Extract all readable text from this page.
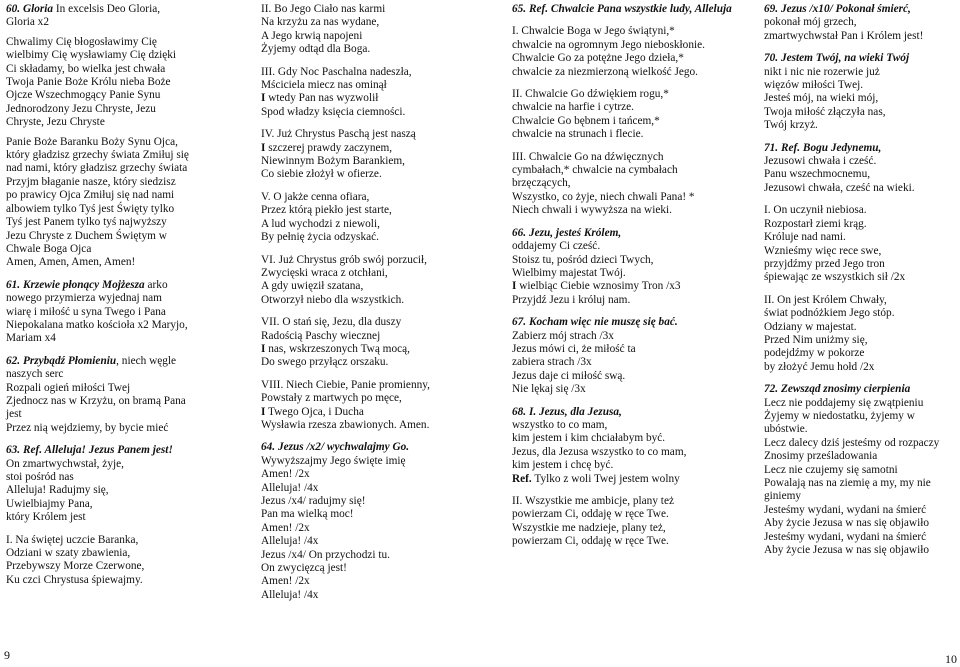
60. Gloria In excelsis Deo Gloria,
Gloria x2
Chwalimy Cię błogosławimy Cię
wielbimy Cię wysławiamy Cię dzięki
Ci składamy, bo wielka jest chwała
Twoja Panie Boże Królu nieba Boże
Ojcze Wszechmogący Panie Synu
Jednorodzony Jezu Chryste, Jezu
Chryste, Jezu Chryste
Panie Boże Baranku Boży Synu Ojca,
który gładzisz grzechy świata Zmiłuj się
nad nami, który gładzisz grzechy świata
Przyjm błaganie nasze, który siedzisz
po prawicy Ojca Zmiłuj się nad nami
albowiem tylko Tyś jest Święty tylko
Tyś jest Panem tylko tyś najwyższy
Jezu Chryste z Duchem Świętym w
Chwale Boga Ojca
Amen, Amen, Amen, Amen!

61. Krzewie płonący Mojżesza arko
nowego przymierza wyjednaj nam
wiarę i miłość u syna Twego i Pana
Niepokalana matko kościoła x2 Maryjo,
Mariam x4

62. Przybądź Płomieniu, niech węgle
naszych serc
Rozpali ogień miłości Twej
Zjednocz nas w Krzyżu, on bramą Pana
jest
Przez nią wejdziemy, by bycie mieć

63. Ref. Alleluja! Jezus Panem jest!
On zmartwychwstał, żyje,
stoi pośród nas
Alleluja! Radujmy się,
Uwielbiajmy Pana,
który Królem jest

I. Na świętej uczcie Baranka,
Odziani w szaty zbawienia,
Przebywszy Morze Czerwone,
Ku czci Chrystusa śpiewajmy.

II. Bo Jego Ciało nas karmi
Na krzyżu za nas wydane,
A Jego krwią napojeni
Żyjemy odtąd dla Boga.

III. Gdy Noc Paschalna nadeszła,
Mściciela miecz nas ominął
I wtedy Pan nas wyzwolił
Spod władzy księcia ciemności.

IV. Już Chrystus Paschą jest naszą
I szczerej prawdy zaczynem,
Niewinnym Bożym Barankiem,
Co siebie złożył w ofierze.

V. O jakże cenna ofiara,
Przez którą piekło jest starte,
A lud wychodzi z niewoli,
By pełnię życia odzyskać.

VI. Już Chrystus grób swój porzucił,
Zwycięski wraca z otchłani,
A gdy uwięził szatana,
Otworzył niebo dla wszystkich.

VII. O stań się, Jezu, dla duszy
Radością Paschy wiecznej
I nas, wskrzeszonych Twą mocą,
Do swego przyłącz orszaku.

VIII. Niech Ciebie, Panie promienny,
Powstały z martwych po męce,
I Twego Ojca, i Ducha
Wysławia rzesza zbawionych. Amen.

64. Jezus /x2/ wychwalajmy Go.
Wywyższajmy Jego święte imię
Amen! /2x
Alleluja! /4x
Jezus /x4/ radujmy się!
Pan ma wielką moc!
Amen! /2x
Alleluja! /4x
Jezus /x4/ On przychodzi tu.
On zwycięzcą jest!
Amen! /2x
Alleluja! /4x

65. Ref. Chwalcie Pana wszystkie ludy, Alleluja

I. Chwalcie Boga w Jego świątyni,*
chwalcie na ogromnym Jego nieboskłonie.
Chwalcie Go za potężne Jego dzieła,*
chwalcie za niezmierzoną wielkość Jego.

II. Chwalcie Go dźwiękiem rogu,*
chwalcie na harfie i cytrze.
Chwalcie Go bębnem i tańcem,*
chwalcie na strunach i flecie.

III. Chwalcie Go na dźwięcznych
cymbałach,* chwalcie na cymbałach
brzęczących,
Wszystko, co żyje, niech chwali Pana! *
Niech chwali i wywyższa na wieki.

66. Jezu, jesteś Królem,
oddajemy Ci cześć.
Stoisz tu, pośród dzieci Twych,
Wielbimy majestat Twój.
I wielbiąc Ciebie wznosimy Tron /x3
Przyjdź Jezu i króluj nam.

67. Kocham więc nie muszę się bać.
Zabierz mój strach /3x
Jezus mówi ci, że miłość ta
zabiera strach /3x
Jezus daje ci miłość swą.
Nie lękaj się /3x

68. I. Jezus, dla Jezusa,
wszystko to co mam,
kim jestem i kim chciałabym być.
Jezus, dla Jezusa wszystko to co mam,
kim jestem i chcę być.
Ref. Tylko z woli Twej jestem wolny

II. Wszystkie me ambicje, plany też
powierzam Ci, oddaję w ręce Twe.
Wszystkie me nadzieje, plany też,
powierzam Ci, oddaję w ręce Twe.

69. Jezus /x10/ Pokonał śmierć,
pokonał mój grzech,
zmartwychwstał Pan i Królem jest!

70. Jestem Twój, na wieki Twój
nikt i nic nie rozerwie już
więzów miłości Twej.
Jesteś mój, na wieki mój,
Twoja miłość złączyła nas,
Twój krzyż.

71. Ref. Bogu Jedynemu,
Jezusowi chwała i cześć.
Panu wszechmocnemu,
Jezusowi chwała, cześć na wieki.

I. On uczynił niebiosa.
Rozpostarł ziemi krąg.
Króluje nad nami.
Wznieśmy więc rece swe,
przyjdźmy przed Jego tron
śpiewając ze wszystkich sił /2x

II. On jest Królem Chwały,
świat podnóżkiem Jego stóp.
Odziany w majestat.
Przed Nim uniżmy się,
podejdźmy w pokorze
by złożyć Jemu hołd /2x

72. Zewsząd znosimy cierpienia
Lecz nie poddajemy się zwątpieniu
Żyjemy w niedostatku, żyjemy w
ubóstwie.
Lecz dalecy dziś jesteśmy od rozpaczy
Znosimy prześladowania
Lecz nie czujemy się samotni
Powalają nas na ziemię a my, my nie
giniemy
Jesteśmy wydani, wydani na śmierć
Aby życie Jezusa w nas się objawiło
Jesteśmy wydani, wydani na śmierć
Aby życie Jezusa w nas się objawiło

9	10
